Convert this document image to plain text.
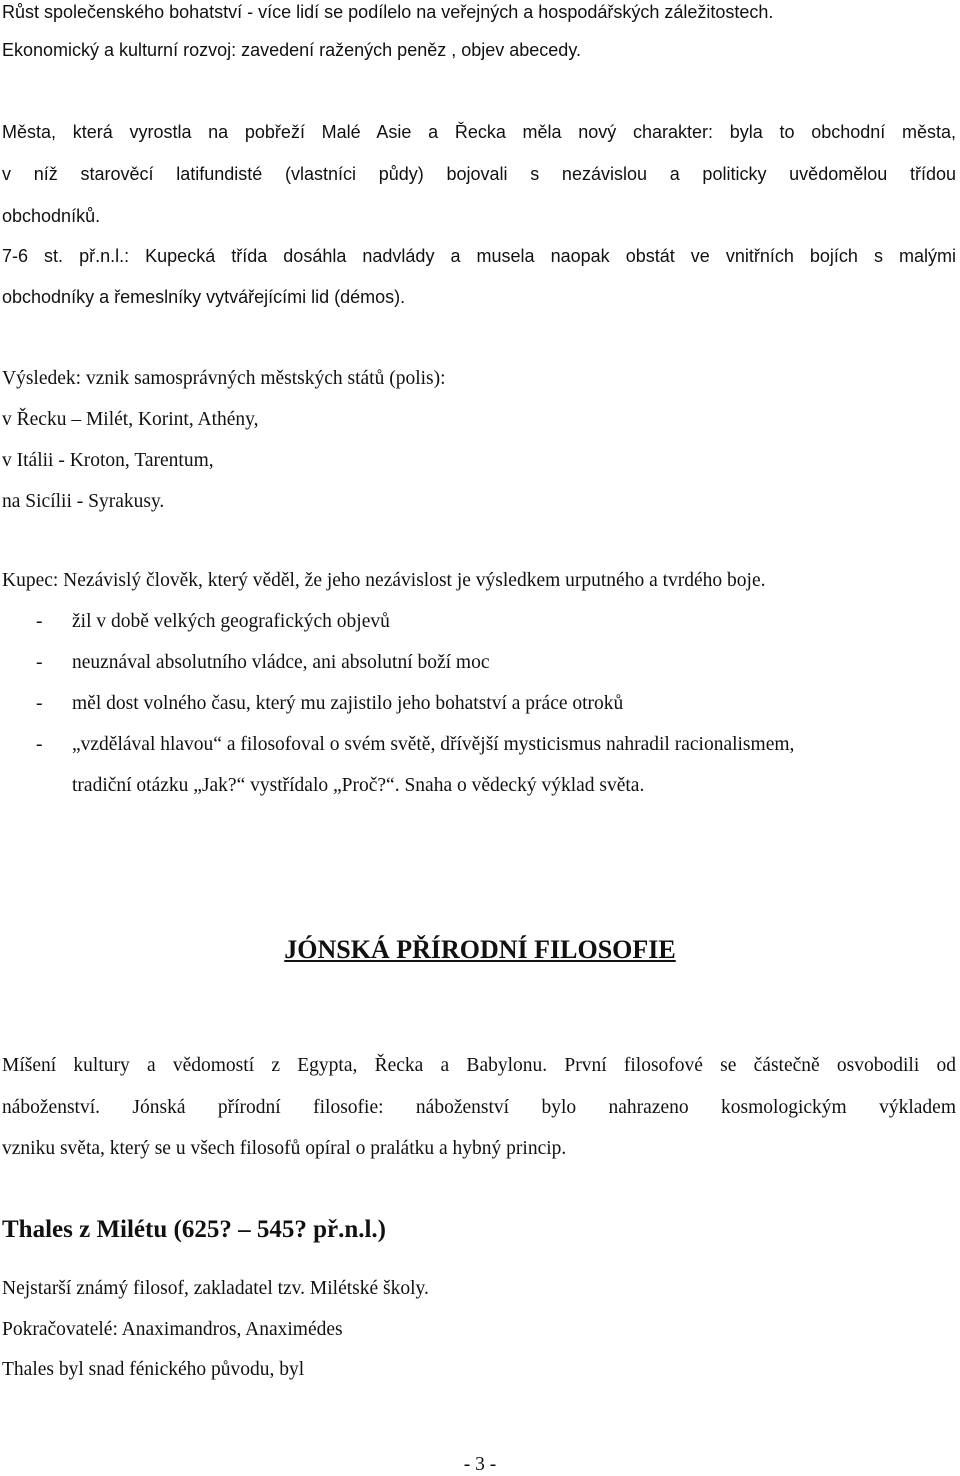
Růst společenského bohatství - více lidí se podílelo na veřejných a hospodářských záležitostech.
Ekonomický a kulturní rozvoj: zavedení ražených peněz , objev abecedy.
Města, která vyrostla na pobřeží Malé Asie a Řecka měla nový charakter: byla to obchodní města,
v níž starověcí latifundisté (vlastníci půdy) bojovali s nezávislou a politicky uvědomělou třídou
obchodníků.
7-6 st. př.n.l.: Kupecká třída dosáhla nadvlády a musela naopak obstát ve vnitřních bojích s malými
obchodníky a řemeslníky vytvářejícími lid (démos).
Výsledek: vznik samosprávných městských států (polis):
v Řecku – Milét, Korint, Athény,
v Itálii - Kroton, Tarentum,
na Sicílii - Syrakusy.
Kupec: Nezávislý člověk, který věděl, že jeho nezávislost je výsledkem urputného a tvrdého boje.
- žil v době velkých geografických objevů
- neuznával absolutního vládce, ani absolutní boží moc
- měl dost volného času, který mu zajistilo jeho bohatství a práce otroků
- „vzdělával hlavou“ a filosofoval o svém světě, dřívější mysticismus nahradil racionalismem,
tradiční otázku „Jak?“ vystřídalo „Proč?“. Snaha o vědecký výklad světa.
JÓNSKÁ PŘÍRODNÍ FILOSOFIE
Míšení kultury a vědomostí z Egypta, Řecka a Babylonu. První filosofové se částečně osvobodili od
náboženství. Jónská přírodní filosofie: náboženství bylo nahrazeno kosmologickým výkladem
vzniku světa, který se u všech filosofů opíral o pralátku a hybný princip.
Thales z Milétu (625? – 545? př.n.l.)
Nejstarší známý filosof, zakladatel tzv. Milétské školy.
Pokračovatelé: Anaximandros, Anaximédes
Thales byl snad fénického původu, byl
- 3 -
